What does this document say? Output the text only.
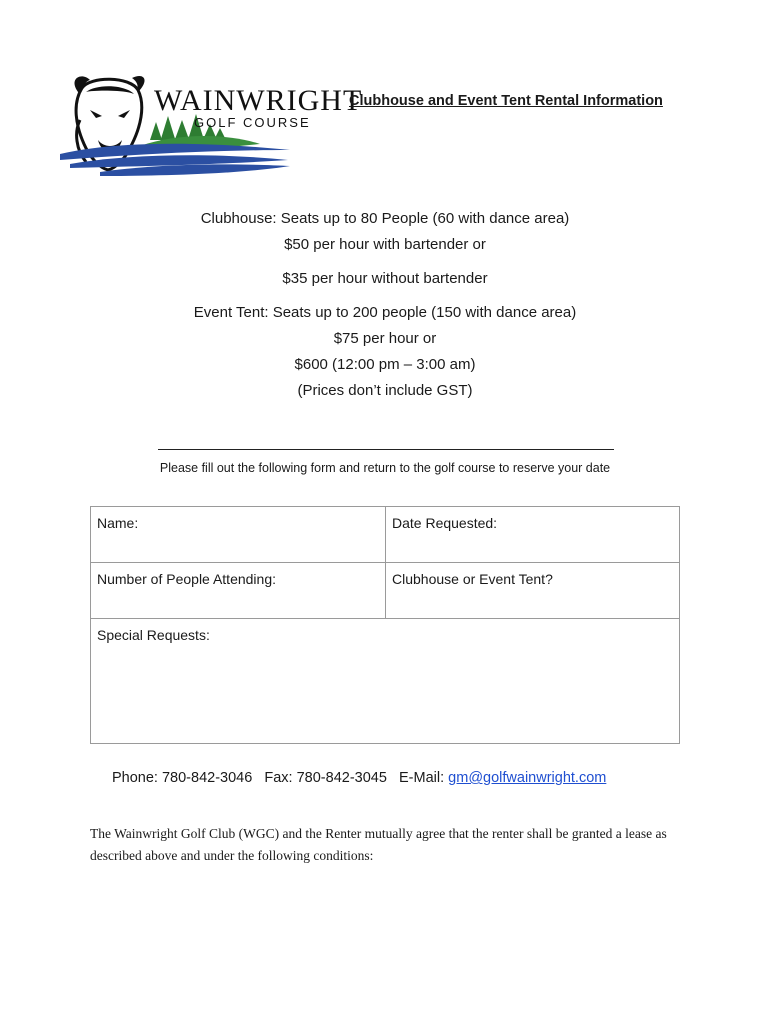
WAINWRIGHT
GOLF COURSE
Clubhouse and Event Tent Rental Information
Clubhouse: Seats up to 80 People (60 with dance area)
$50 per hour with bartender or
$35 per hour without bartender
Event Tent: Seats up to 200 people (150 with dance area)
$75 per hour or
$600 (12:00 pm – 3:00 am)
(Prices don’t include GST)
Please fill out the following form and return to the golf course to reserve your date
Name:	Date Requested:
Number of People Attending:	Clubhouse or Event Tent?
Special Requests:	
Phone: 780-842-3046 Fax: 780-842-3045 E-Mail: gm@golfwainwright.com
The Wainwright Golf Club (WGC) and the Renter mutually agree that the renter shall be granted a lease as described above and under the following conditions:
